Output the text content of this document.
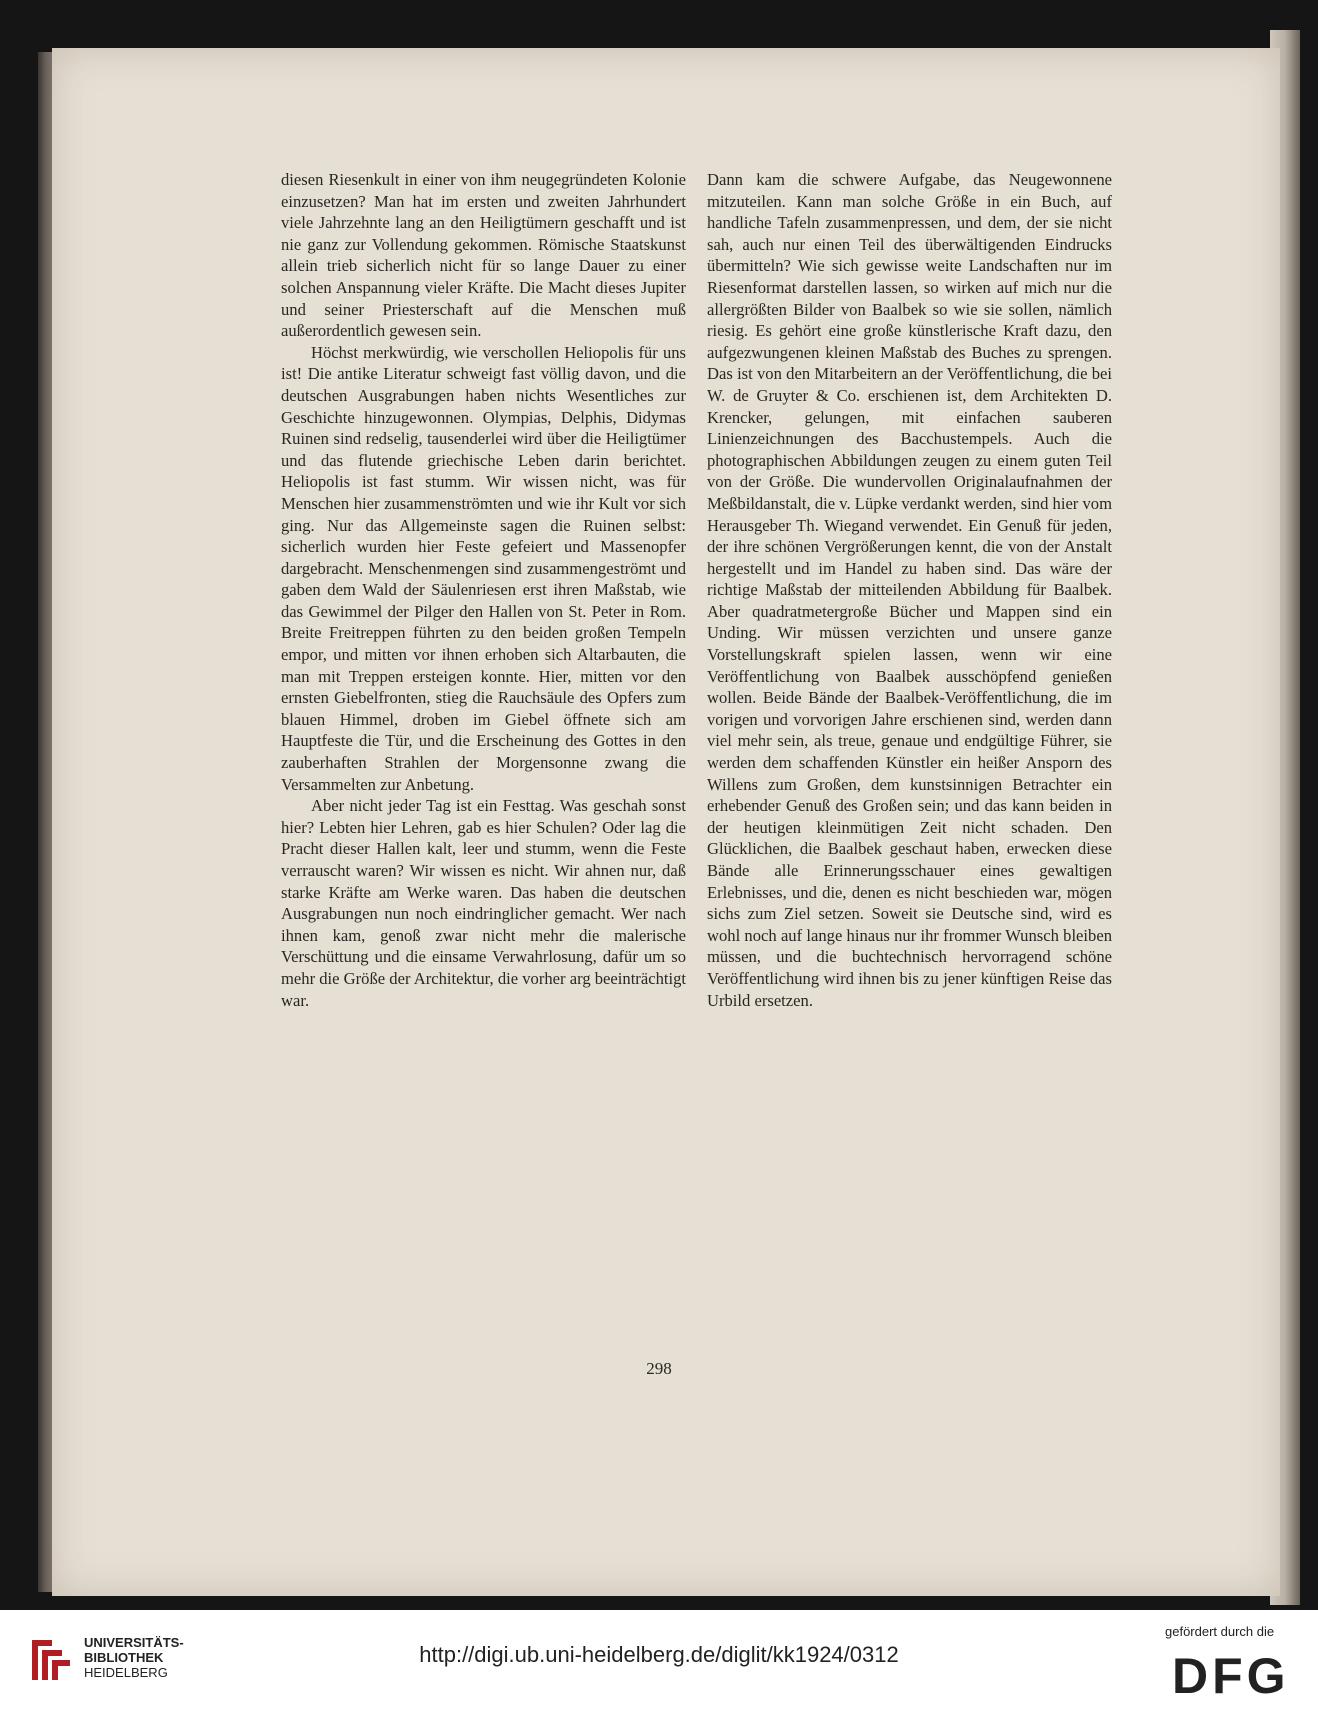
diesen Riesenkult in einer von ihm neugegründeten Kolonie einzusetzen? Man hat im ersten und zweiten Jahrhundert viele Jahrzehnte lang an den Heiligtümern geschafft und ist nie ganz zur Vollendung gekommen. Römische Staatskunst allein trieb sicherlich nicht für so lange Dauer zu einer solchen Anspannung vieler Kräfte. Die Macht dieses Jupiter und seiner Priesterschaft auf die Menschen muß außerordentlich gewesen sein.

Höchst merkwürdig, wie verschollen Heliopolis für uns ist! Die antike Literatur schweigt fast völlig davon, und die deutschen Ausgrabungen haben nichts Wesentliches zur Geschichte hinzugewonnen. Olympias, Delphis, Didymas Ruinen sind redselig, tausenderlei wird über die Heiligtümer und das flutende griechische Leben darin berichtet. Heliopolis ist fast stumm. Wir wissen nicht, was für Menschen hier zusammenströmten und wie ihr Kult vor sich ging. Nur das Allgemeinste sagen die Ruinen selbst: sicherlich wurden hier Feste gefeiert und Massenopfer dargebracht. Menschenmengen sind zusammengeströmt und gaben dem Wald der Säulenriesen erst ihren Maßstab, wie das Gewimmel der Pilger den Hallen von St. Peter in Rom. Breite Freitreppen führten zu den beiden großen Tempeln empor, und mitten vor ihnen erhoben sich Altarbauten, die man mit Treppen ersteigen konnte. Hier, mitten vor den ernsten Giebelfronten, stieg die Rauchsäule des Opfers zum blauen Himmel, droben im Giebel öffnete sich am Hauptfeste die Tür, und die Erscheinung des Gottes in den zauberhaften Strahlen der Morgensonne zwang die Versammelten zur Anbetung.

Aber nicht jeder Tag ist ein Festtag. Was geschah sonst hier? Lebten hier Lehren, gab es hier Schulen? Oder lag die Pracht dieser Hallen kalt, leer und stumm, wenn die Feste verrauscht waren? Wir wissen es nicht. Wir ahnen nur, daß starke Kräfte am Werke waren. Das haben die deutschen Ausgrabungen nun noch eindringlicher gemacht. Wer nach ihnen kam, genoß zwar nicht mehr die malerische Verschüttung und die einsame Verwahrlosung, dafür um so mehr die Größe der Architektur, die vorher arg beeinträchtigt war.

Dann kam die schwere Aufgabe, das Neugewonnene mitzuteilen. Kann man solche Größe in ein Buch, auf handliche Tafeln zusammenpressen, und dem, der sie nicht sah, auch nur einen Teil des überwältigenden Eindrucks übermitteln? Wie sich gewisse weite Landschaften nur im Riesenformat darstellen lassen, so wirken auf mich nur die allergrößten Bilder von Baalbek so wie sie sollen, nämlich riesig. Es gehört eine große künstlerische Kraft dazu, den aufgezwungenen kleinen Maßstab des Buches zu sprengen. Das ist von den Mitarbeitern an der Veröffentlichung, die bei W. de Gruyter & Co. erschienen ist, dem Architekten D. Krencker, gelungen, mit einfachen sauberen Linienzeichnungen des Bacchustempels. Auch die photographischen Abbildungen zeugen zu einem guten Teil von der Größe. Die wundervollen Originalaufnahmen der Meßbildanstalt, die v. Lüpke verdankt werden, sind hier vom Herausgeber Th. Wiegand verwendet. Ein Genuß für jeden, der ihre schönen Vergrößerungen kennt, die von der Anstalt hergestellt und im Handel zu haben sind. Das wäre der richtige Maßstab der mitteilenden Abbildung für Baalbek. Aber quadratmetergroße Bücher und Mappen sind ein Unding. Wir müssen verzichten und unsere ganze Vorstellungskraft spielen lassen, wenn wir eine Veröffentlichung von Baalbek ausschöpfend genießen wollen. Beide Bände der Baalbek-Veröffentlichung, die im vorigen und vorvorigen Jahre erschienen sind, werden dann viel mehr sein, als treue, genaue und endgültige Führer, sie werden dem schaffenden Künstler ein heißer Ansporn des Willens zum Großen, dem kunstsinnigen Betrachter ein erhebender Genuß des Großen sein; und das kann beiden in der heutigen kleinmütigen Zeit nicht schaden. Den Glücklichen, die Baalbek geschaut haben, erwecken diese Bände alle Erinnerungsschauer eines gewaltigen Erlebnisses, und die, denen es nicht beschieden war, mögen sichs zum Ziel setzen. Soweit sie Deutsche sind, wird es wohl noch auf lange hinaus nur ihr frommer Wunsch bleiben müssen, und die buchtechnisch hervorragend schöne Veröffentlichung wird ihnen bis zu jener künftigen Reise das Urbild ersetzen.

298
UNIVERSITÄTS-
BIBLIOTHEK
HEIDELBERG
http://digi.ub.uni-heidelberg.de/diglit/kk1924/0312
gefördert durch die
DFG
